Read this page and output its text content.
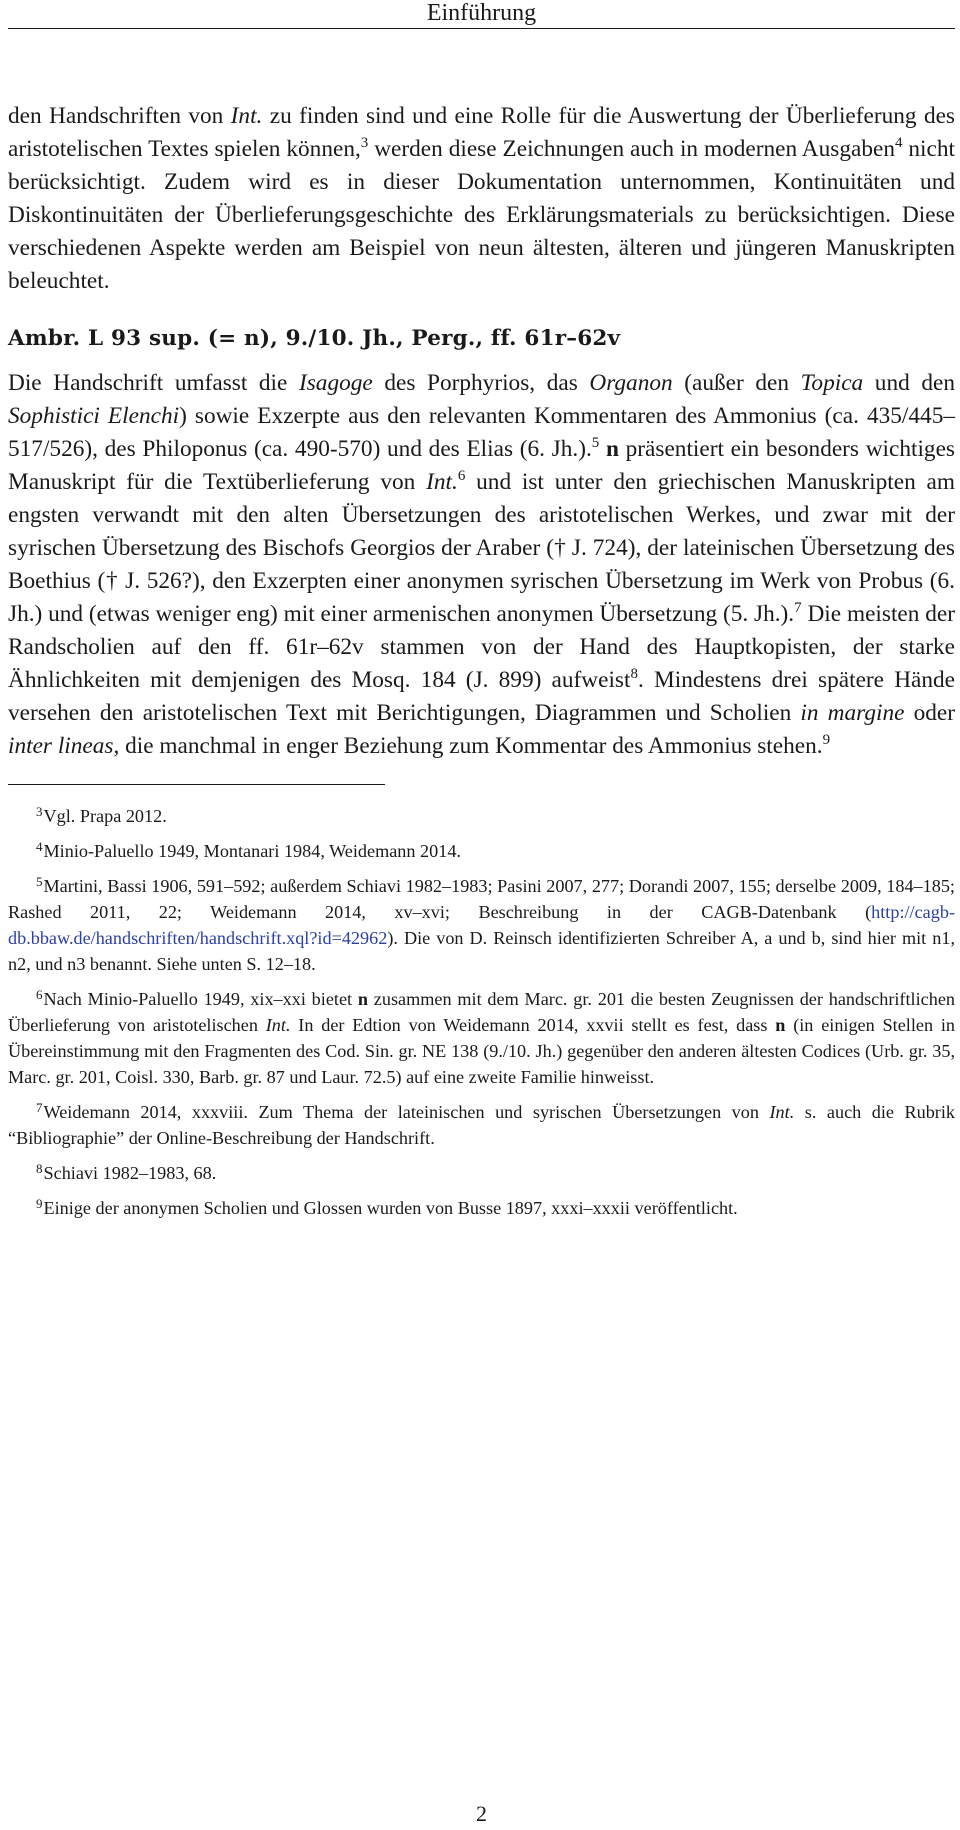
Einführung

den Handschriften von Int. zu finden sind und eine Rolle für die Auswertung der Überlieferung des aristotelischen Textes spielen können,$^3$ werden diese Zeichnungen auch in modernen Ausgaben$^4$ nicht berücksichtigt. Zudem wird es in dieser Dokumentation unternommen, Kontinuitäten und Diskontinuitäten der Überlieferungsgeschichte des Erklärungsmaterials zu berücksichtigen. Diese verschiedenen Aspekte werden am Beispiel von neun ältesten, älteren und jüngeren Manuskripten beleuchtet.

Ambr. L 93 sup. (= n), 9./10. Jh., Perg., ff. 61r–62v

Die Handschrift umfasst die Isagoge des Porphyrios, das Organon (außer den Topica und den Sophistici Elenchi) sowie Exzerpte aus den relevanten Kommentaren des Ammonius (ca. 435/445–517/526), des Philoponus (ca. 490-570) und des Elias (6. Jh.).$^5$ n präsentiert ein besonders wichtiges Manuskript für die Textüberlieferung von Int.$^6$ und ist unter den griechischen Manuskripten am engsten verwandt mit den alten Übersetzungen des aristotelischen Werkes, und zwar mit der syrischen Übersetzung des Bischofs Georgios der Araber († J. 724), der lateinischen Übersetzung des Boethius († J. 526?), den Exzerpten einer anonymen syrischen Übersetzung im Werk von Probus (6. Jh.) und (etwas weniger eng) mit einer armenischen anonymen Übersetzung (5. Jh.).$^7$ Die meisten der Randscholien auf den ff. 61r–62v stammen von der Hand des Hauptkopisten, der starke Ähnlichkeiten mit demjenigen des Mosq. 184 (J. 899) aufweist$^8$. Mindestens drei spätere Hände versehen den aristotelischen Text mit Berichtigungen, Diagrammen und Scholien in margine oder inter lineas, die manchmal in enger Beziehung zum Kommentar des Ammonius stehen.$^9$

$^3$Vgl. Prapa 2012.

$^4$Minio-Paluello 1949, Montanari 1984, Weidemann 2014.

$^5$Martini, Bassi 1906, 591–592; außerdem Schiavi 1982–1983; Pasini 2007, 277; Dorandi 2007, 155; derselbe 2009, 184–185; Rashed 2011, 22; Weidemann 2014, xv–xvi; Beschreibung in der CAGB-Datenbank (http://cagb-db.bbaw.de/handschriften/handschrift.xql?id=42962). Die von D. Reinsch identifizierten Schreiber A, a und b, sind hier mit n1, n2, und n3 benannt. Siehe unten S. 12–18.

$^6$Nach Minio-Paluello 1949, xix–xxi bietet n zusammen mit dem Marc. gr. 201 die besten Zeugnissen der handschriftlichen Überlieferung von aristotelischen Int. In der Edtion von Weidemann 2014, xxvii stellt es fest, dass n (in einigen Stellen in Übereinstimmung mit den Fragmenten des Cod. Sin. gr. NE 138 (9./10. Jh.) gegenüber den anderen ältesten Codices (Urb. gr. 35, Marc. gr. 201, Coisl. 330, Barb. gr. 87 und Laur. 72.5) auf eine zweite Familie hinweisst.

$^7$Weidemann 2014, xxxviii. Zum Thema der lateinischen und syrischen Übersetzungen von Int. s. auch die Rubrik “Bibliographie” der Online-Beschreibung der Handschrift.

$^8$Schiavi 1982–1983, 68.

$^9$Einige der anonymen Scholien und Glossen wurden von Busse 1897, xxxi–xxxii veröffentlicht.

2
